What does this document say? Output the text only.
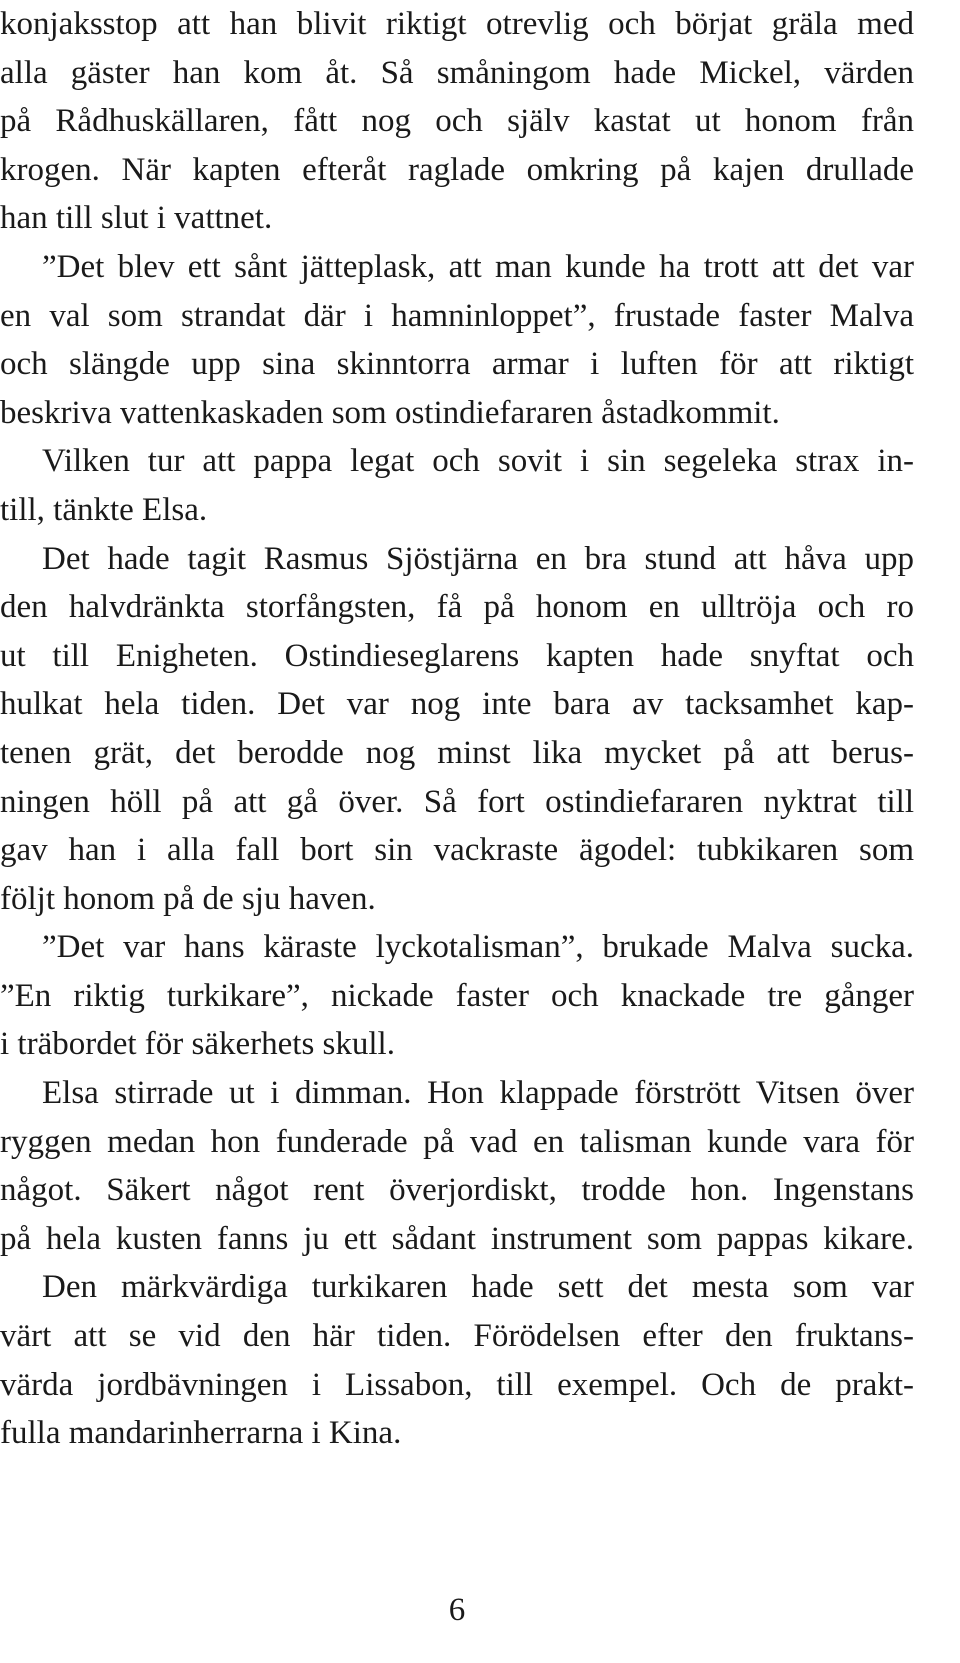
konjaksstop att han blivit riktigt otrevlig och börjat gräla med
alla gäster han kom åt. Så småningom hade Mickel, värden
på Rådhuskällaren, fått nog och själv kastat ut honom från
krogen. När kapten efteråt raglade omkring på kajen drullade
han till slut i vattnet.
”Det blev ett sånt jätteplask, att man kunde ha trott att det var
en val som strandat där i hamninloppet”, frustade faster Malva
och slängde upp sina skinntorra armar i luften för att riktigt
beskriva vattenkaskaden som ostindiefararen åstadkommit.
Vilken tur att pappa legat och sovit i sin segeleka strax in-
till, tänkte Elsa.
Det hade tagit Rasmus Sjöstjärna en bra stund att håva upp
den halvdränkta storfångsten, få på honom en ulltröja och ro
ut till Enigheten. Ostindieseglarens kapten hade snyftat och
hulkat hela tiden. Det var nog inte bara av tacksamhet kap-
tenen grät, det berodde nog minst lika mycket på att berus-
ningen höll på att gå över. Så fort ostindiefararen nyktrat till
gav han i alla fall bort sin vackraste ägodel: tubkikaren som
följt honom på de sju haven.
”Det var hans käraste lyckotalisman”, brukade Malva sucka.
”En riktig turkikare”, nickade faster och knackade tre gånger
i träbordet för säkerhets skull.
Elsa stirrade ut i dimman. Hon klappade förstrött Vitsen över
ryggen medan hon funderade på vad en talisman kunde vara för
något. Säkert något rent överjordiskt, trodde hon. Ingenstans
på hela kusten fanns ju ett sådant instrument som pappas kikare.
Den märkvärdiga turkikaren hade sett det mesta som var
värt att se vid den här tiden. Förödelsen efter den fruktans-
värda jordbävningen i Lissabon, till exempel. Och de prakt-
fulla mandarinherrarna i Kina.
6
